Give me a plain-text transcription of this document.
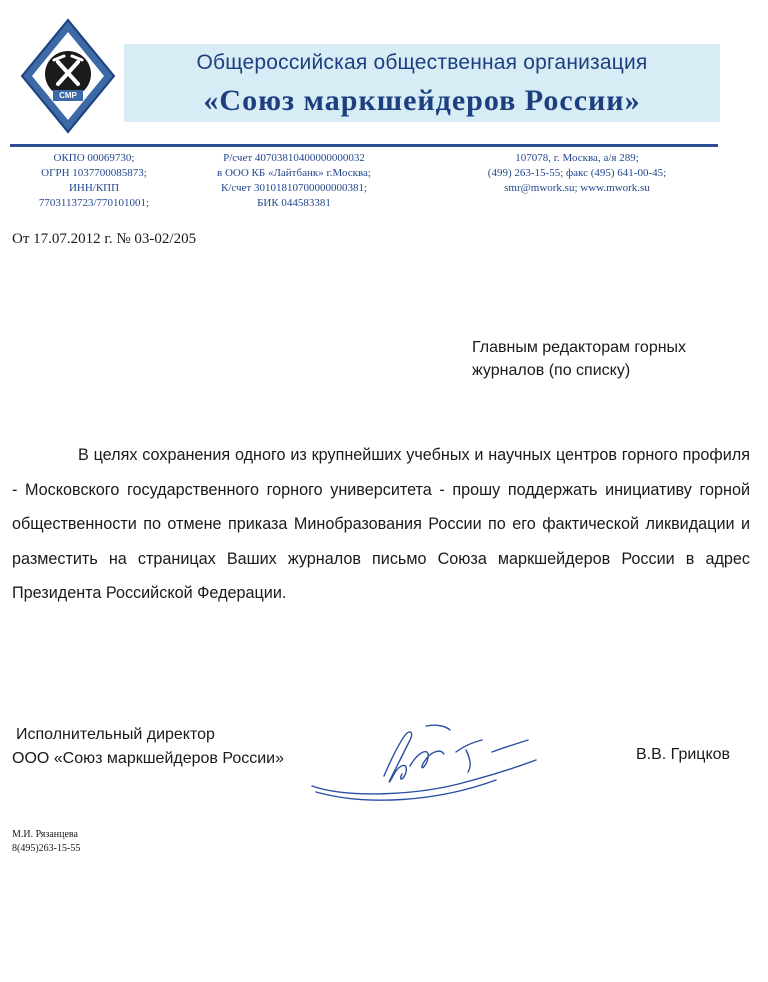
СМР
Общероссийская общественная организация
«Союз маркшейдеров России»
ОКПО 00069730;
ОГРН 1037700085873;
ИНН/КПП
7703113723/770101001;
Р/счет 40703810400000000032
в ООО КБ «Лайтбанк» г.Москва;
К/счет 30101810700000000381;
БИК 044583381
107078, г. Москва, а/я 289;
(499) 263-15-55; факс (495) 641-00-45;
smr@mwork.su; www.mwork.su
От 17.07.2012 г. № 03-02/205
Главным редакторам горных
журналов (по списку)
В целях сохранения одного из крупнейших учебных и научных центров горного профиля - Московского государственного горного университета - прошу поддержать инициативу горной общественности по отмене приказа Минобразования России по его фактической ликвидации и разместить на страницах Ваших журналов письмо Союза маркшейдеров России в адрес Президента Российской Федерации.
Исполнительный директор
ООО «Союз маркшейдеров России»	В.В. Грицков
М.И. Рязанцева
8(495)263-15-55
